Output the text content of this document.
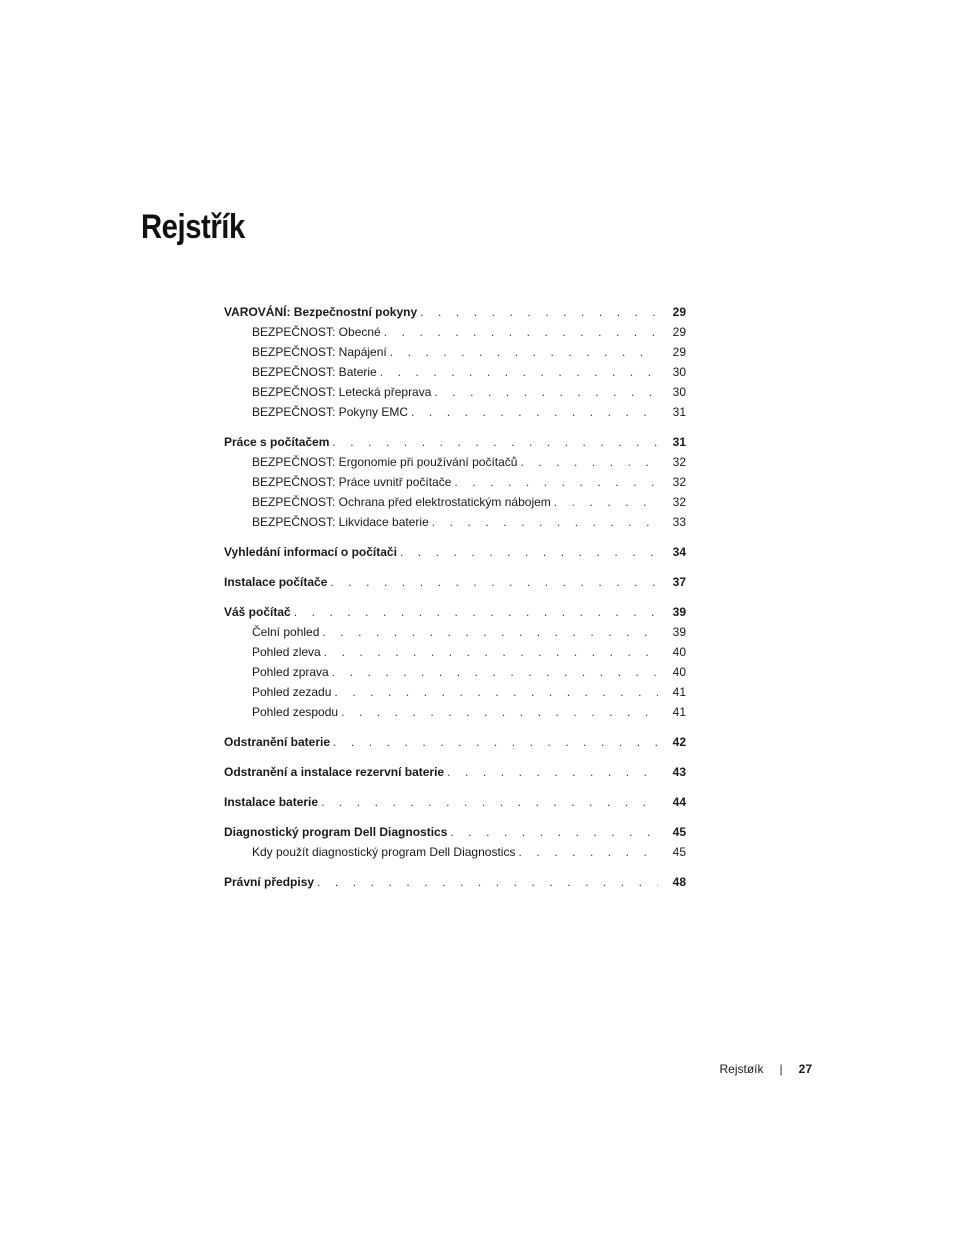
Rejstřík
VAROVÁNÍ: Bezpečnostní pokyny . . .	29
BEZPEČNOST: Obecné . . .	29
BEZPEČNOST: Napájení . . .	29
BEZPEČNOST: Baterie . . .	30
BEZPEČNOST: Letecká přeprava . . .	30
BEZPEČNOST: Pokyny EMC . . .	31
Práce s počítačem . . .	31
BEZPEČNOST: Ergonomie při používání počítačů . . .	32
BEZPEČNOST: Práce uvnitř počítače . . .	32
BEZPEČNOST: Ochrana před elektrostatickým nábojem . . .	32
BEZPEČNOST: Likvidace baterie . . .	33
Vyhledání informací o počítači . . .	34
Instalace počítače . . .	37
Váš počítač . . .	39
Čelní pohled . . .	39
Pohled zleva . . .	40
Pohled zprava . . .	40
Pohled zezadu . . .	41
Pohled zespodu . . .	41
Odstranění baterie . . .	42
Odstranění a instalace rezervní baterie . . .	43
Instalace baterie . . .	44
Diagnostický program Dell Diagnostics . . .	45
Kdy použít diagnostický program Dell Diagnostics . . .	45
Právní předpisy . . .	48
Rejstøík | 27
